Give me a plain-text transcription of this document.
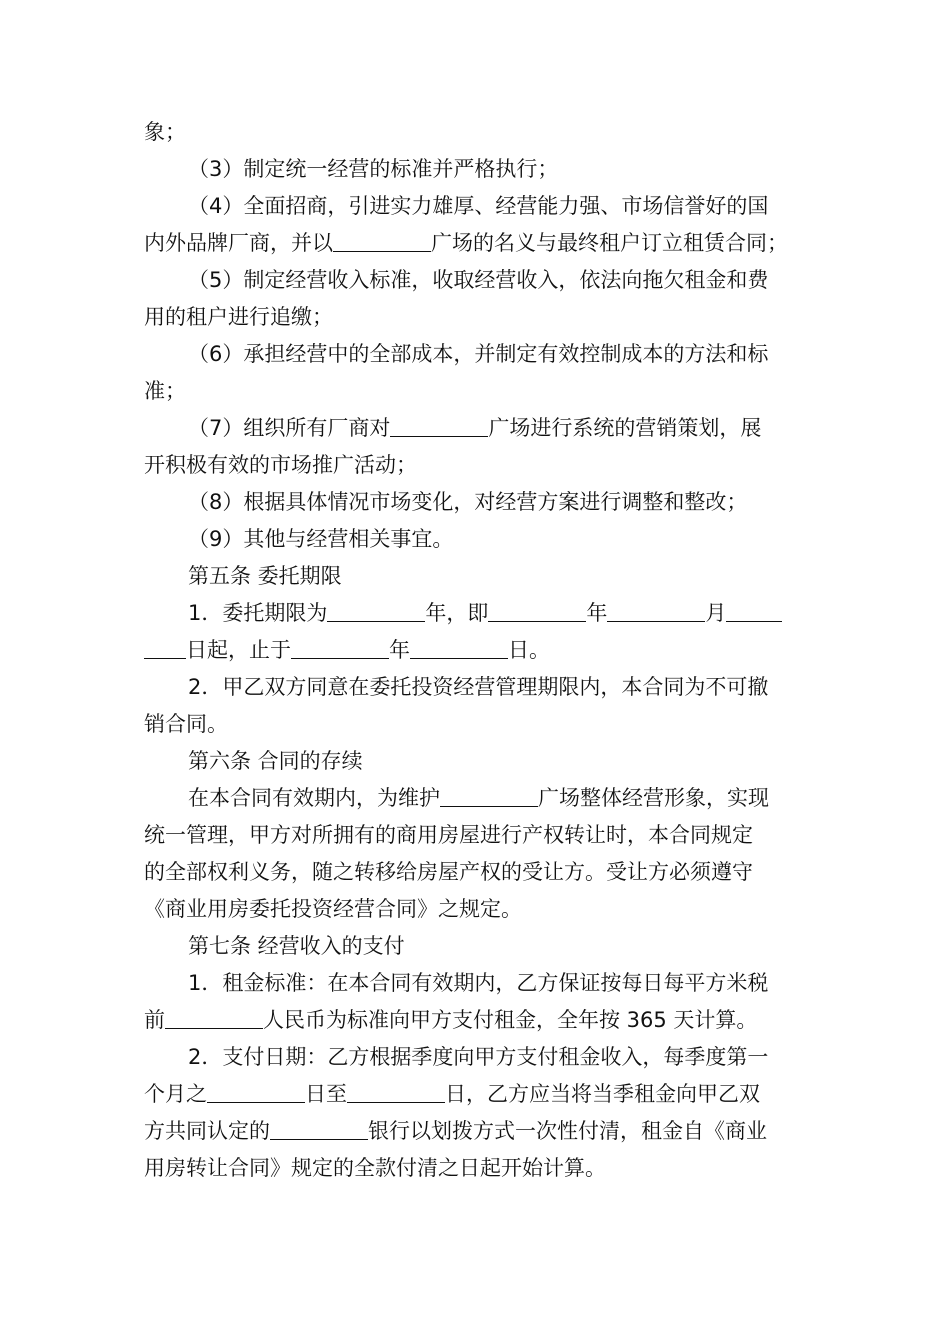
象；
（3）制定统一经营的标准并严格执行；
（4）全面招商，引进实力雄厚、经营能力强、市场信誉好的国
内外品牌厂商，并以	广场的名义与最终租户订立租赁合同；
（5）制定经营收入标准，收取经营收入，依法向拖欠租金和费
用的租户进行追缴；
（6）承担经营中的全部成本，并制定有效控制成本的方法和标
准；
（7）组织所有厂商对	广场进行系统的营销策划，展
开积极有效的市场推广活动；
（8）根据具体情况市场变化，对经营方案进行调整和整改；
（9）其他与经营相关事宜。
第五条 委托期限
1．委托期限为	年，即	年	月
日起，止于	年	日。
2．甲乙双方同意在委托投资经营管理期限内，本合同为不可撤
销合同。
第六条 合同的存续
在本合同有效期内，为维护	广场整体经营形象，实现
统一管理，甲方对所拥有的商用房屋进行产权转让时，本合同规定
的全部权利义务，随之转移给房屋产权的受让方。受让方必须遵守
《商业用房委托投资经营合同》之规定。
第七条 经营收入的支付
1．租金标准：在本合同有效期内，乙方保证按每日每平方米税
前	人民币为标准向甲方支付租金，全年按 365 天计算。
2．支付日期：乙方根据季度向甲方支付租金收入，每季度第一
个月之	日至	日，乙方应当将当季租金向甲乙双
方共同认定的	银行以划拨方式一次性付清，租金自《商业
用房转让合同》规定的全款付清之日起开始计算。
